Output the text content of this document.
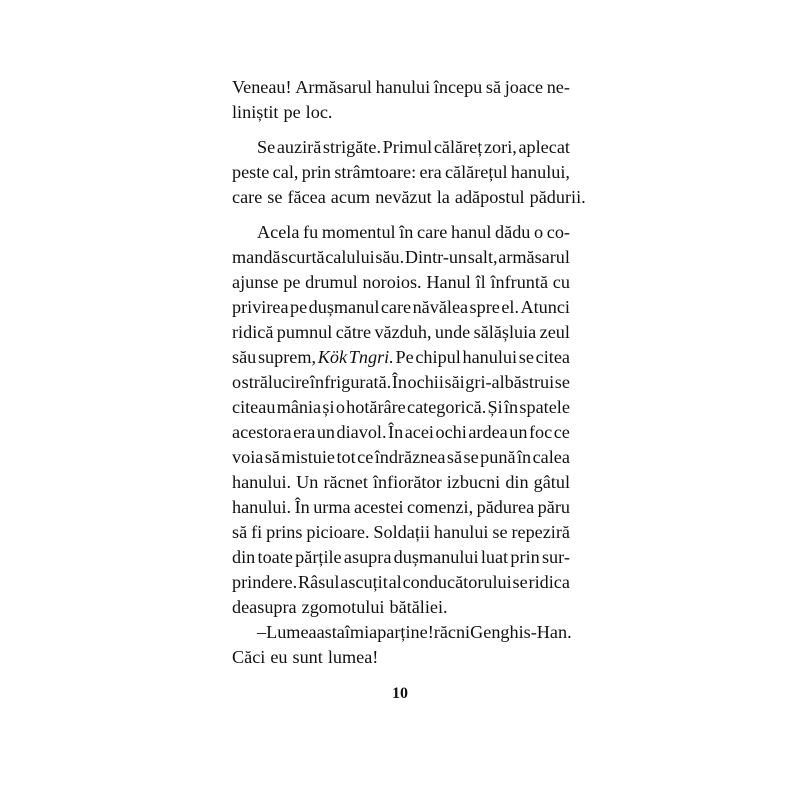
Veneau! Armăsarul hanului începu să joace ne-
liniștit pe loc.
Se auziră strigăte. Primul călăreț zori, aplecat
peste cal, prin strâmtoare: era călărețul hanului,
care se făcea acum nevăzut la adăpostul pădurii.
Acela fu momentul în care hanul dădu o co-
mandă scurtă calului său. Dintr-un salt, armăsarul
ajunse pe drumul noroios. Hanul îl înfruntă cu
privirea pe dușmanul care năvălea spre el. Atunci
ridică pumnul către văzduh, unde sălășluia zeul
său suprem, Kök Tngri. Pe chipul hanului se citea
o strălucire înfrigurată. În ochii săi gri-albăstrui se
citeau mânia și o hotărâre categorică. Și în spatele
acestora era un diavol. În acei ochi ardea un foc ce
voia să mistuie tot ce îndrăznea să se pună în calea
hanului. Un răcnet înfiorător izbucni din gâtul
hanului. În urma acestei comenzi, pădurea păru
să fi prins picioare. Soldații hanului se repeziră
din toate părțile asupra dușmanului luat prin sur-
prindere. Râsul ascuțit al conducătorului se ridica
deasupra zgomotului bătăliei.
– Lumea asta îmi aparține! răcni Genghis-Han.
Căci eu sunt lumea!
10
